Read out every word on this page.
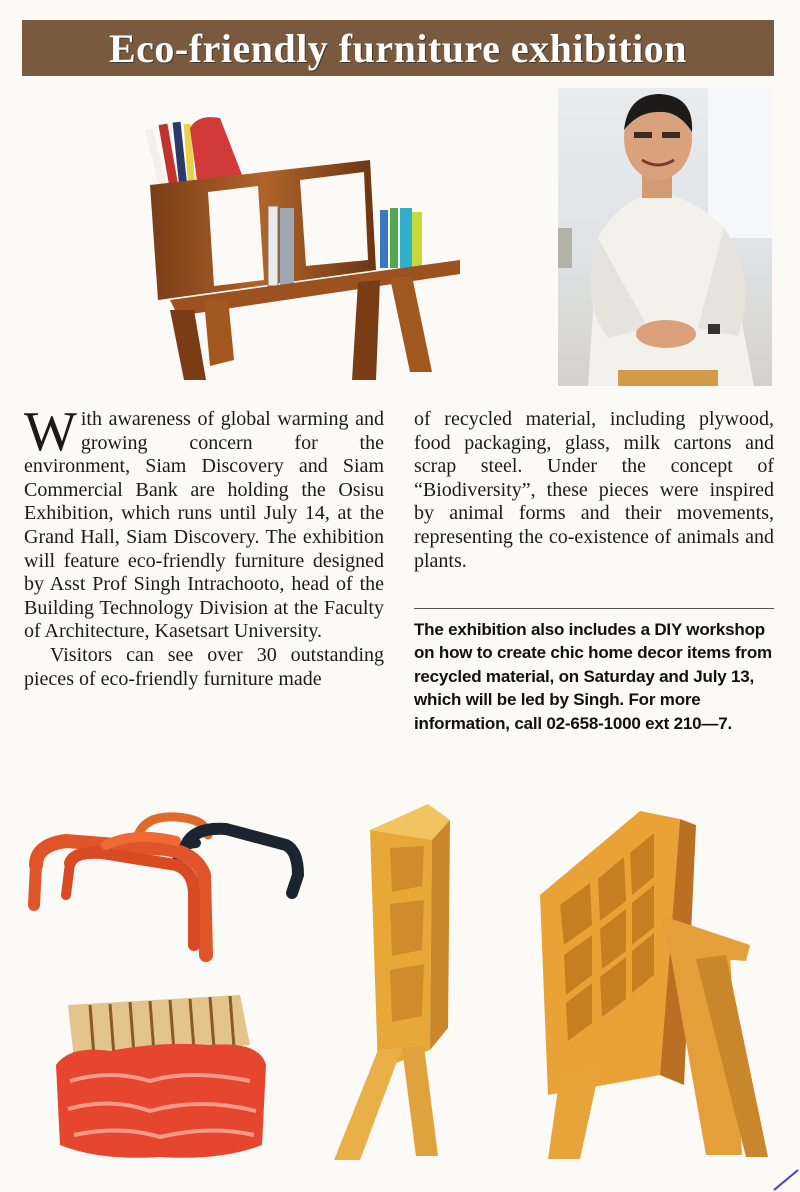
Eco-friendly furniture exhibition

With awareness of global warming and growing concern for the environment, Siam Discovery and Siam Commercial Bank are holding the Osisu Exhibition, which runs until July 14, at the Grand Hall, Siam Discovery. The exhibition will feature eco-friendly furniture designed by Asst Prof Singh Intrachooto, head of the Building Technology Division at the Faculty of Architecture, Kasetsart University.

Visitors can see over 30 outstanding pieces of eco-friendly furniture made

of recycled material, including plywood, food packaging, glass, milk cartons and scrap steel. Under the concept of “Biodiversity”, these pieces were inspired by animal forms and their movements, representing the co-existence of animals and plants.

The exhibition also includes a DIY workshop on how to create chic home decor items from recycled material, on Saturday and July 13, which will be led by Singh. For more information, call 02-658-1000 ext 210—7.
